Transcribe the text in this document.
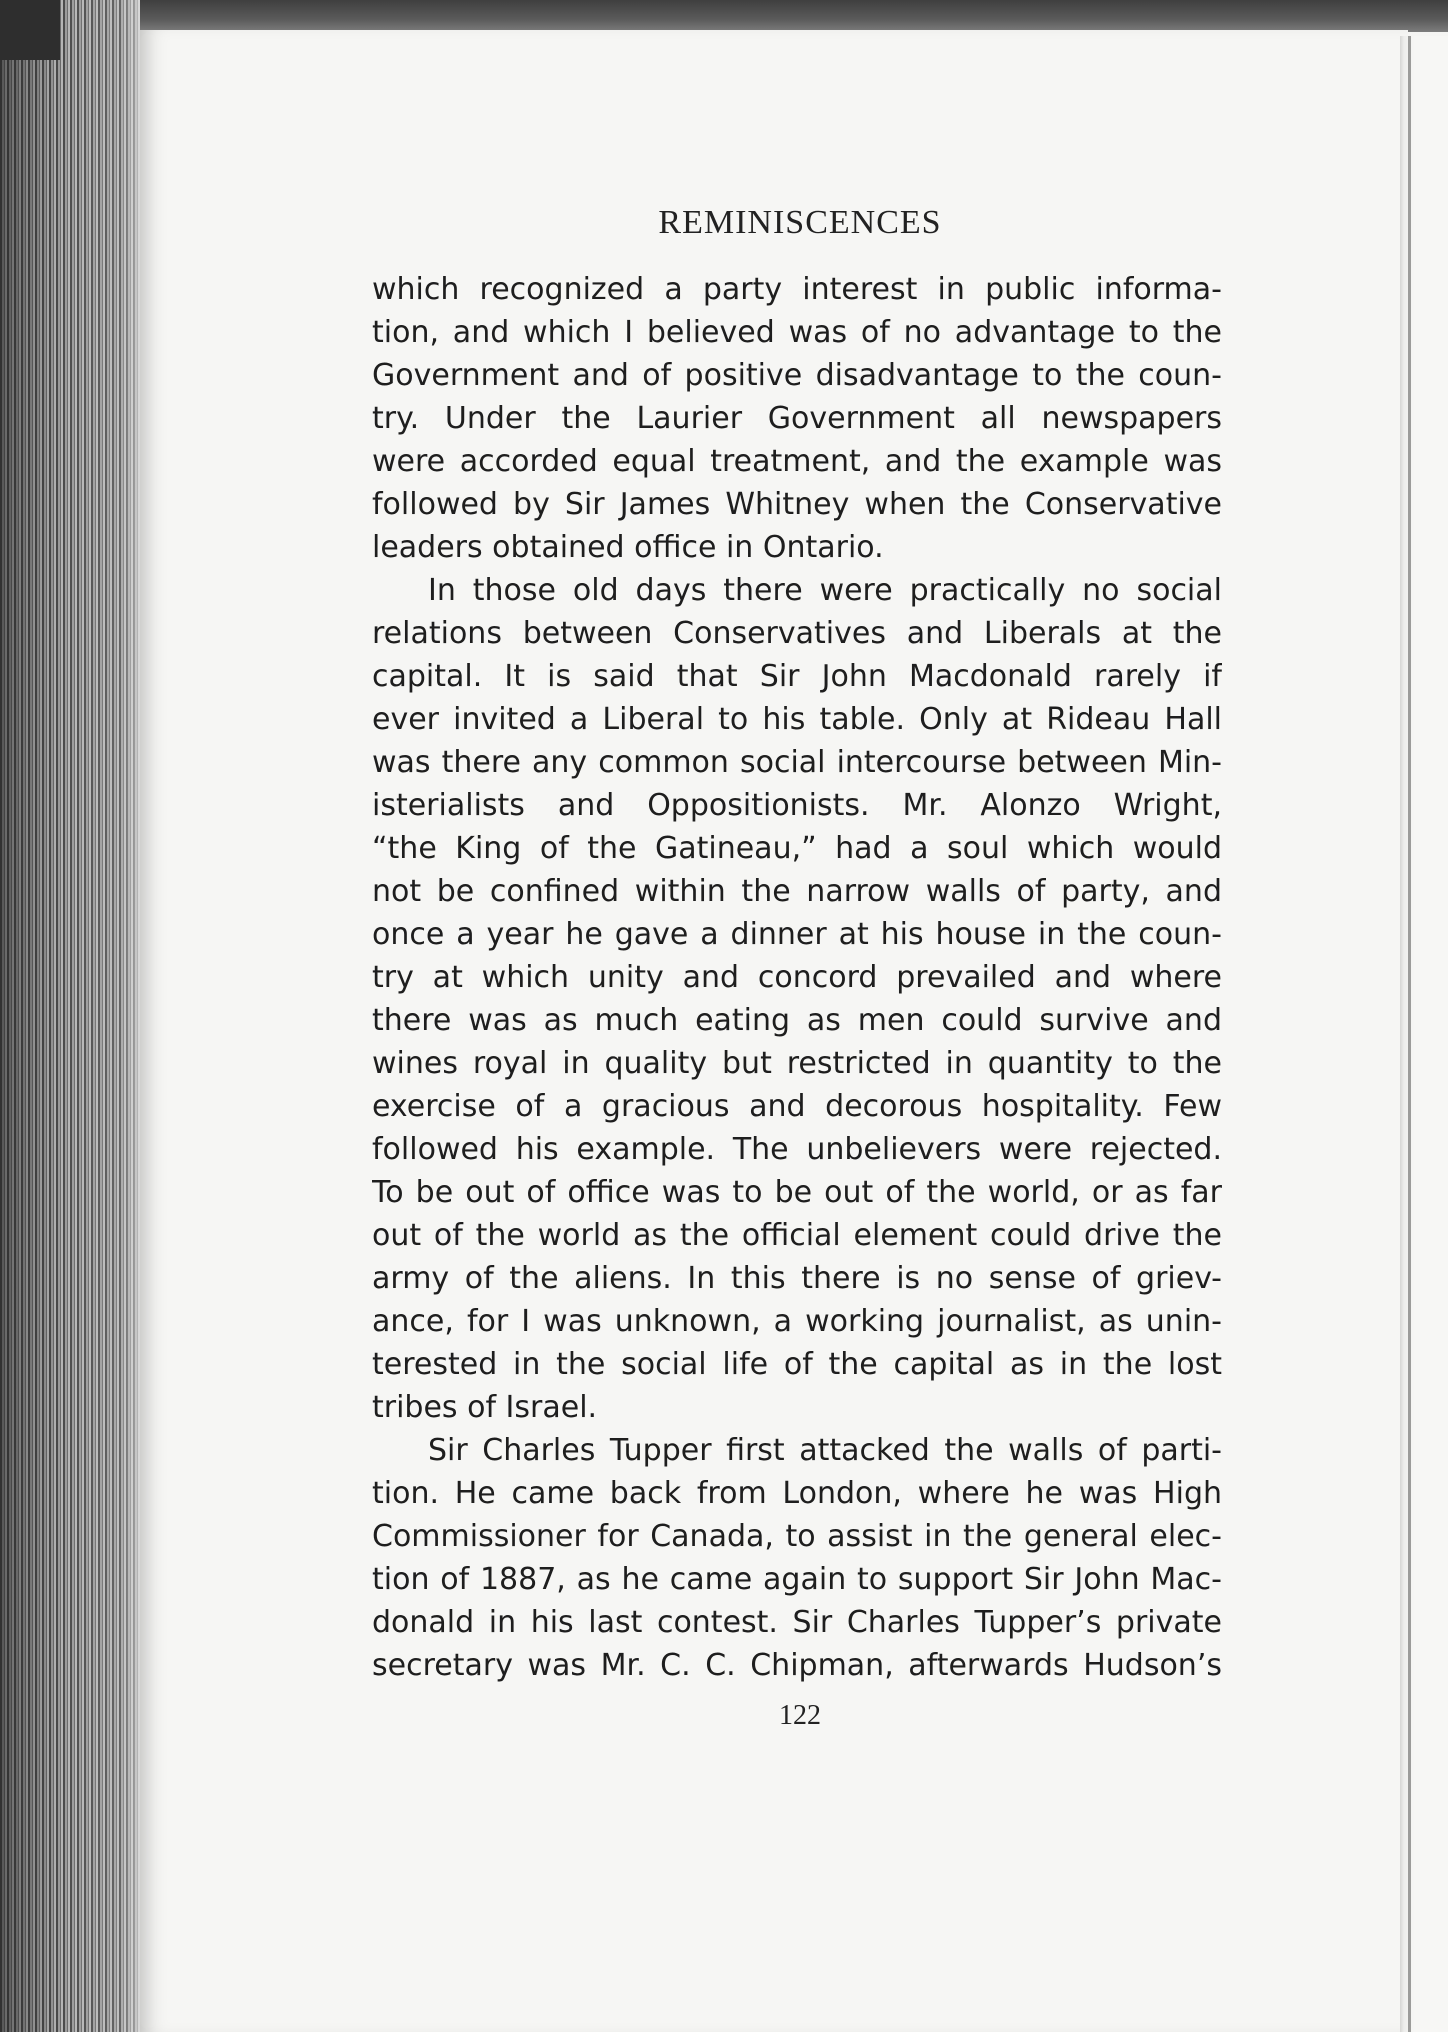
REMINISCENCES

which recognized a party interest in public informa-
tion, and which I believed was of no advantage to the
Government and of positive disadvantage to the coun-
try. Under the Laurier Government all newspapers
were accorded equal treatment, and the example was
followed by Sir James Whitney when the Conservative
leaders obtained office in Ontario.

In those old days there were practically no social
relations between Conservatives and Liberals at the
capital. It is said that Sir John Macdonald rarely if
ever invited a Liberal to his table. Only at Rideau Hall
was there any common social intercourse between Min-
isterialists and Oppositionists. Mr. Alonzo Wright,
“the King of the Gatineau,” had a soul which would
not be confined within the narrow walls of party, and
once a year he gave a dinner at his house in the coun-
try at which unity and concord prevailed and where
there was as much eating as men could survive and
wines royal in quality but restricted in quantity to the
exercise of a gracious and decorous hospitality. Few
followed his example. The unbelievers were rejected.
To be out of office was to be out of the world, or as far
out of the world as the official element could drive the
army of the aliens. In this there is no sense of griev-
ance, for I was unknown, a working journalist, as unin-
terested in the social life of the capital as in the lost
tribes of Israel.

Sir Charles Tupper first attacked the walls of parti-
tion. He came back from London, where he was High
Commissioner for Canada, to assist in the general elec-
tion of 1887, as he came again to support Sir John Mac-
donald in his last contest. Sir Charles Tupper’s private
secretary was Mr. C. C. Chipman, afterwards Hudson’s

122
